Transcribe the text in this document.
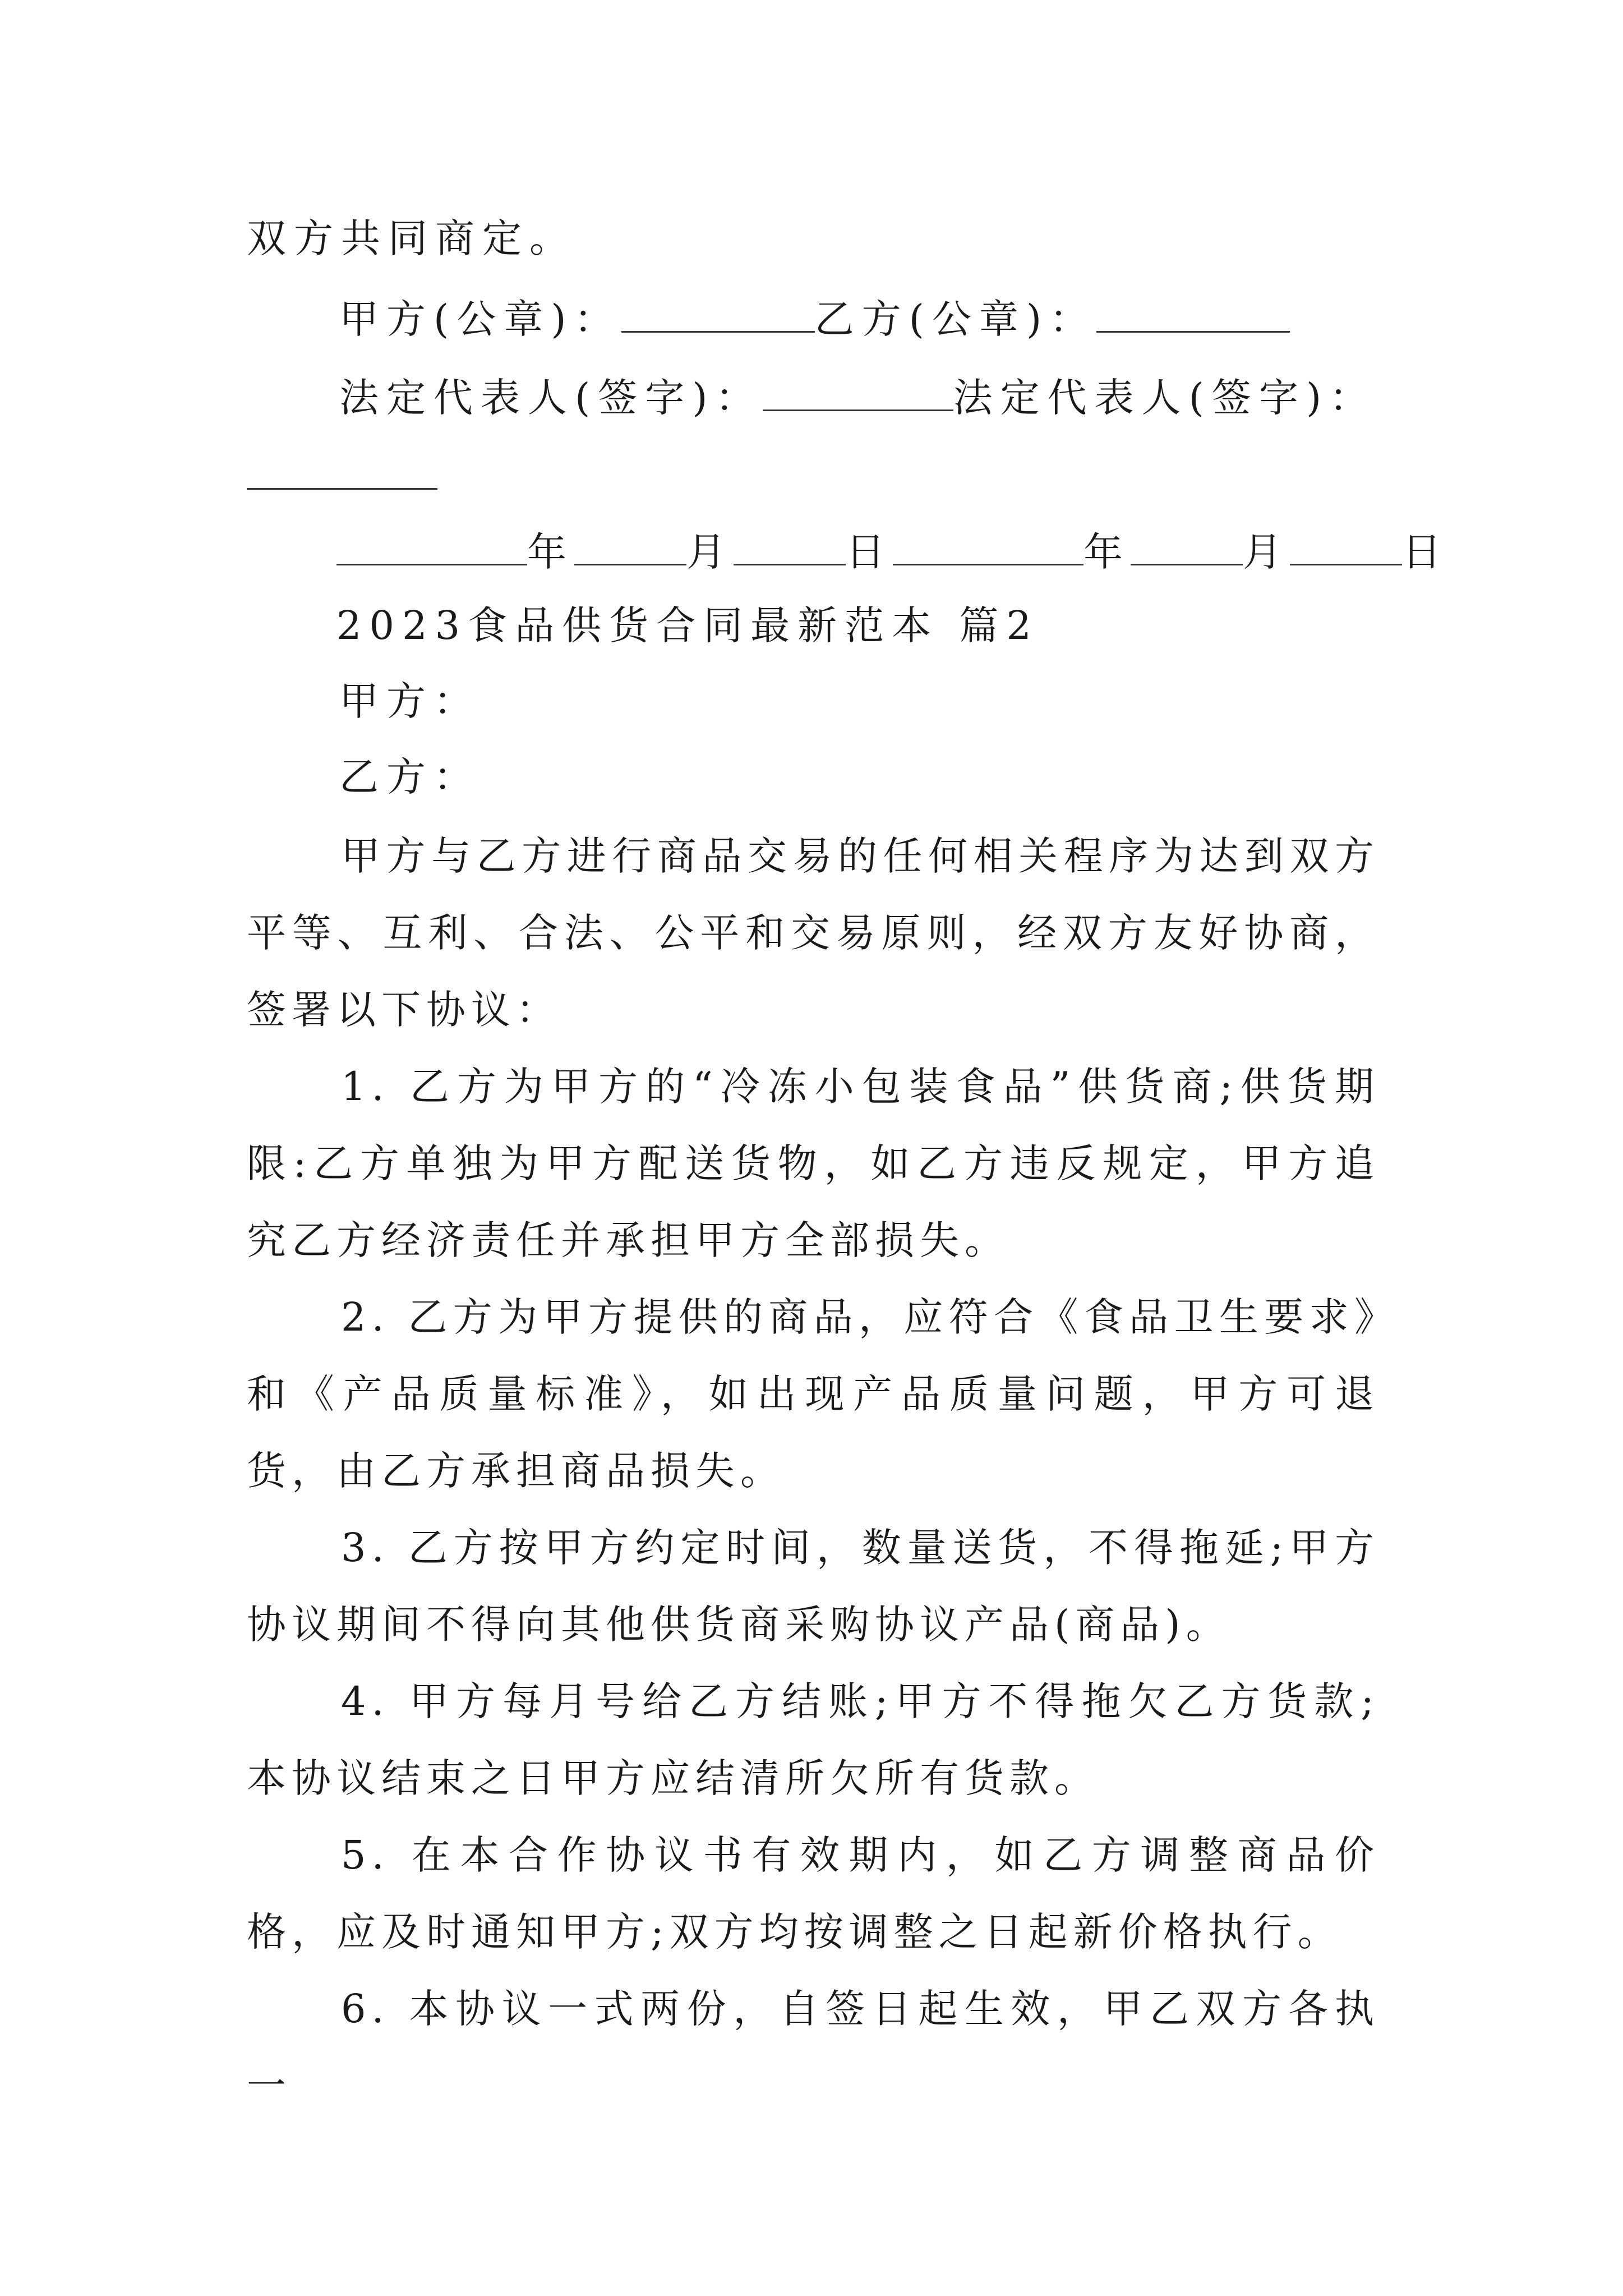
双方共同商定。
甲方(公章)：	乙方(公章)：
法定代表人(签字)：	法定代表人(签字)：
年	月	日	年	月	日
2023食品供货合同最新范本 篇2
甲方：
乙方：

甲方与乙方进行商品交易的任何相关程序为达到双方平等、互利、合法、公平和交易原则，经双方友好协商，签署以下协议：

1. 乙方为甲方的“冷冻小包装食品”供货商;供货期限:乙方单独为甲方配送货物，如乙方违反规定，甲方追究乙方经济责任并承担甲方全部损失。

2. 乙方为甲方提供的商品，应符合《食品卫生要求》和《产品质量标准》，如出现产品质量问题，甲方可退货，由乙方承担商品损失。

3. 乙方按甲方约定时间，数量送货，不得拖延;甲方协议期间不得向其他供货商采购协议产品(商品)。

4. 甲方每月号给乙方结账;甲方不得拖欠乙方货款;本协议结束之日甲方应结清所欠所有货款。

5. 在本合作协议书有效期内，如乙方调整商品价格，应及时通知甲方;双方均按调整之日起新价格执行。

6. 本协议一式两份，自签日起生效，甲乙双方各执一
